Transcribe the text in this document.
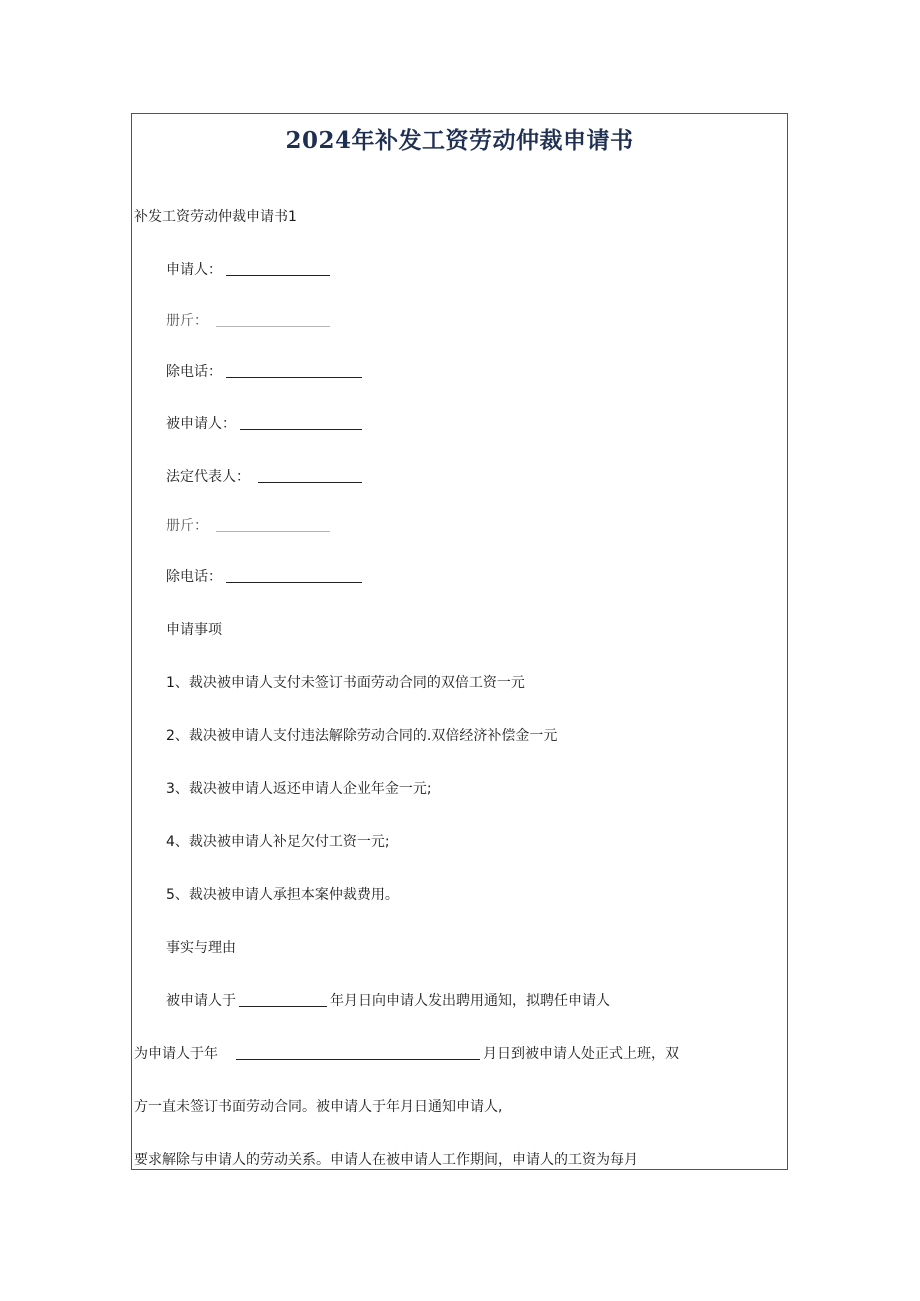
2024年补发工资劳动仲裁申请书
补发工资劳动仲裁申请书1
申请人：
册斤：
除电话：
被申请人：
法定代表人：
册斤：
除电话：
申请事项
1、裁决被申请人支付未签订书面劳动合同的双倍工资一元
2、裁决被申请人支付违法解除劳动合同的.双倍经济补偿金一元
3、裁决被申请人返还申请人企业年金一元;
4、裁决被申请人补足欠付工资一元;
5、裁决被申请人承担本案仲裁费用。
事实与理由
被申请人于	年月日向申请人发出聘用通知，拟聘任申请人
为申请人于年	月日到被申请人处正式上班，双
方一直未签订书面劳动合同。被申请人于年月日通知申请人,
要求解除与申请人的劳动关系。申请人在被申请人工作期间，申请人的工资为每月
